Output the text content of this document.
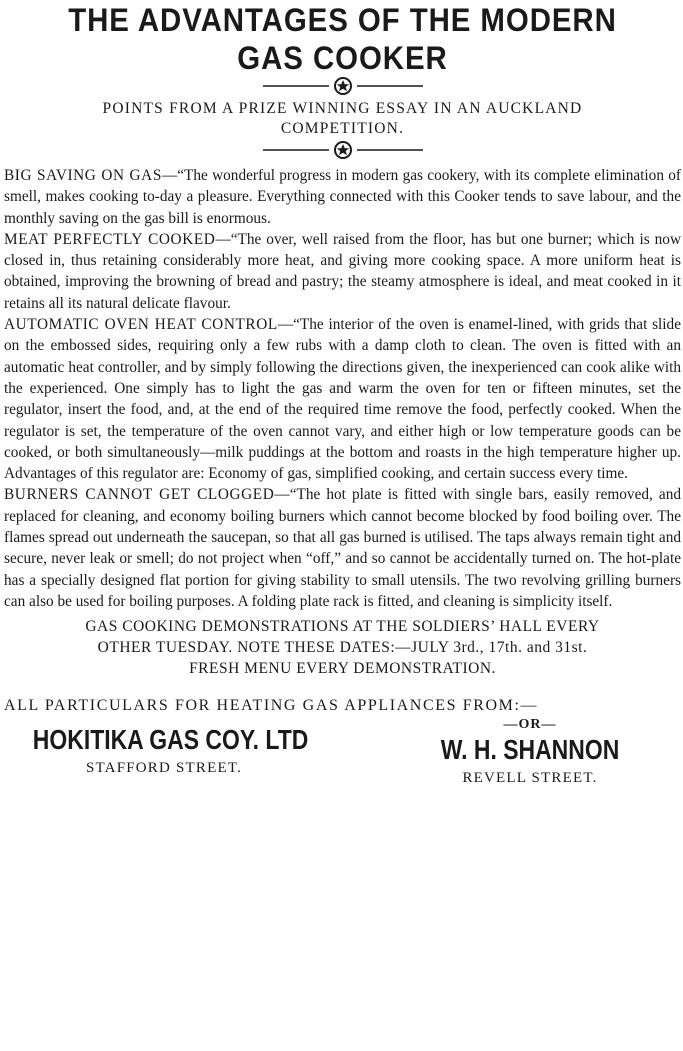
THE ADVANTAGES OF THE MODERN
GAS COOKER
POINTS FROM A PRIZE WINNING ESSAY IN AN AUCKLAND
COMPETITION.

BIG SAVING ON GAS—“The wonderful progress in modern gas cookery, with its complete elimination of smell, makes cooking to-day a pleasure. Everything connected with this Cooker tends to save labour, and the monthly saving on the gas bill is enormous.

MEAT PERFECTLY COOKED—“The over, well raised from the floor, has but one burner; which is now closed in, thus retaining considerably more heat, and giving more cooking space. A more uniform heat is obtained, improving the browning of bread and pastry; the steamy atmosphere is ideal, and meat cooked in it retains all its natural delicate flavour.

AUTOMATIC OVEN HEAT CONTROL—“The interior of the oven is enamel-lined, with grids that slide on the embossed sides, requiring only a few rubs with a damp cloth to clean. The oven is fitted with an automatic heat controller, and by simply following the directions given, the inexperienced can cook alike with the experienced. One simply has to light the gas and warm the oven for ten or fifteen minutes, set the regulator, insert the food, and, at the end of the required time remove the food, perfectly cooked. When the regulator is set, the temperature of the oven cannot vary, and either high or low temperature goods can be cooked, or both simultaneously—milk puddings at the bottom and roasts in the high temperature higher up. Advantages of this regulator are: Economy of gas, simplified cooking, and certain success every time.

BURNERS CANNOT GET CLOGGED—“The hot plate is fitted with single bars, easily removed, and replaced for cleaning, and economy boiling burners which cannot become blocked by food boiling over. The flames spread out underneath the saucepan, so that all gas burned is utilised. The taps always remain tight and secure, never leak or smell; do not project when “off,” and so cannot be accidentally turned on. The hot-plate has a specially designed flat portion for giving stability to small utensils. The two revolving grilling burners can also be used for boiling purposes. A folding plate rack is fitted, and cleaning is simplicity itself.

GAS COOKING DEMONSTRATIONS AT THE SOLDIERS’ HALL EVERY
OTHER TUESDAY. NOTE THESE DATES:—JULY 3rd., 17th. and 31st.
FRESH MENU EVERY DEMONSTRATION.
ALL PARTICULARS FOR HEATING GAS APPLIANCES FROM:—
HOKITIKA GAS COY. LTD
STAFFORD STREET.
—OR—
W. H. SHANNON
REVELL STREET.
